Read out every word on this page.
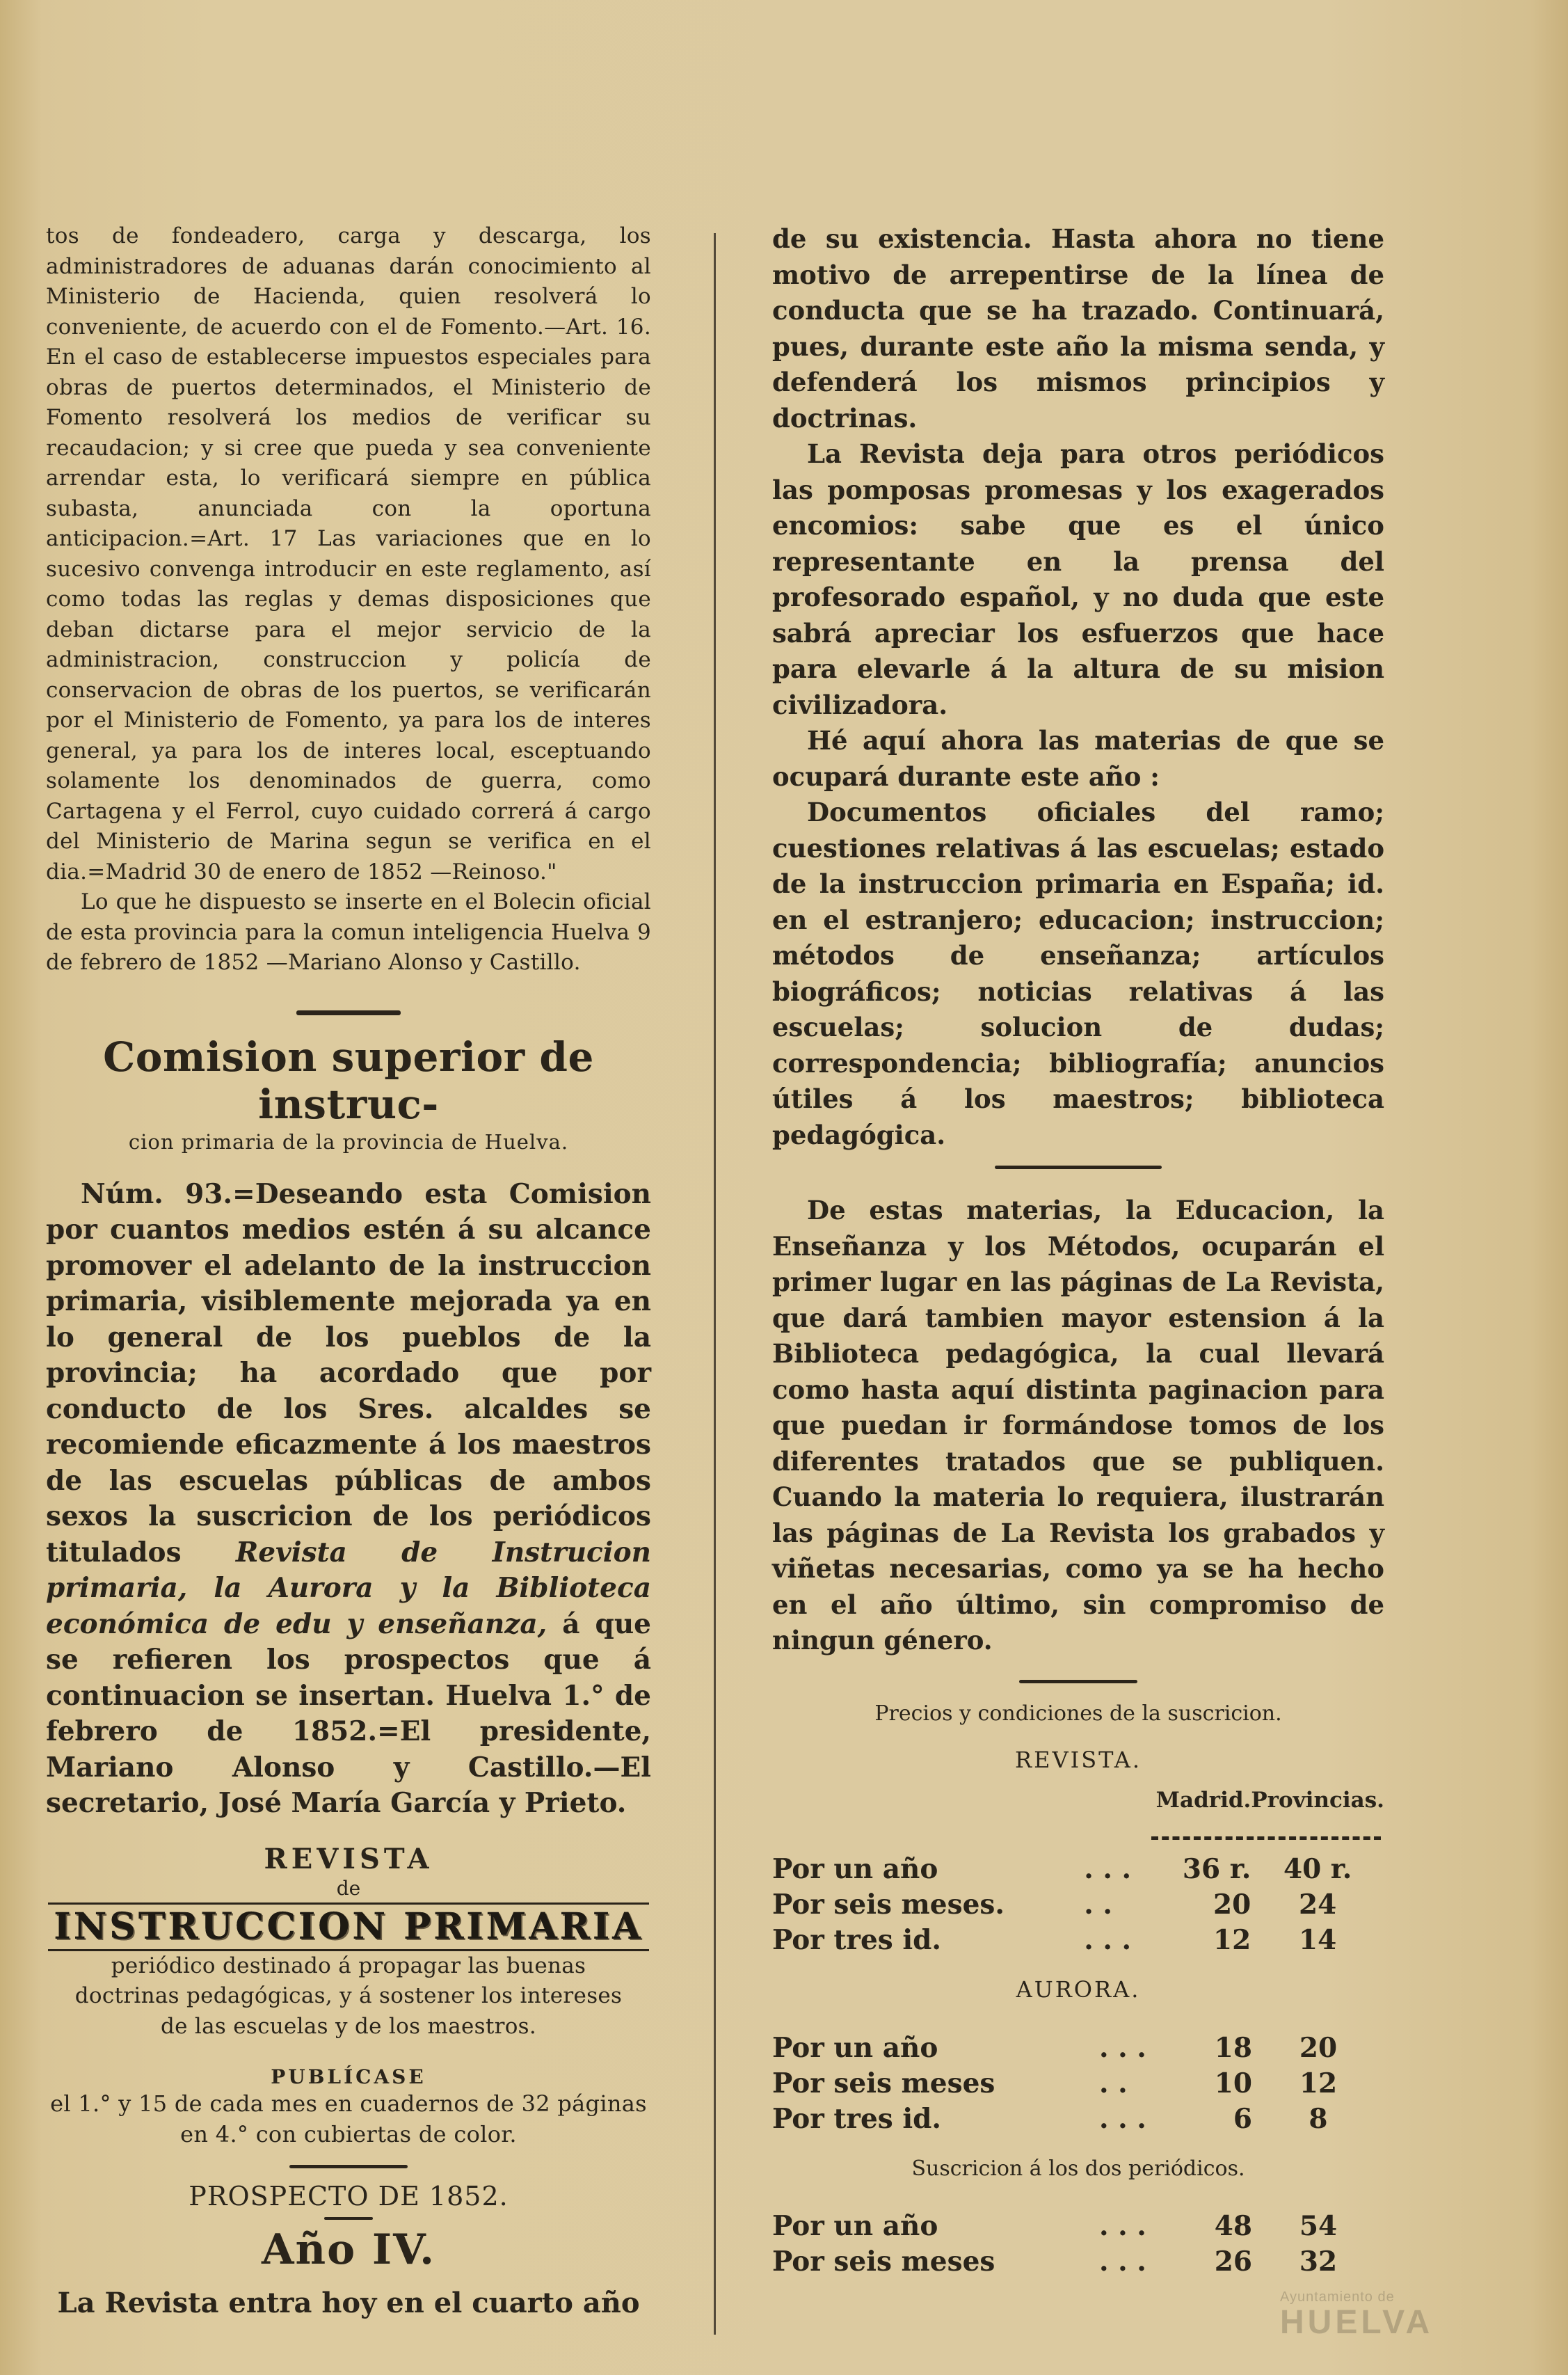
tos de fondeadero, carga y descarga, los administradores de aduanas darán conocimiento al Ministerio de Hacienda, quien resolverá lo conveniente, de acuerdo con el de Fomento.—Art. 16. En el caso de establecerse impuestos especiales para obras de puertos determinados, el Ministerio de Fomento resolverá los medios de verificar su recaudacion; y si cree que pueda y sea conveniente arrendar esta, lo verificará siempre en pública subasta, anunciada con la oportuna anticipacion.=Art. 17 Las variaciones que en lo sucesivo convenga introducir en este reglamento, así como todas las reglas y demas disposiciones que deban dictarse para el mejor servicio de la administracion, construccion y policía de conservacion de obras de los puertos, se verificarán por el Ministerio de Fomento, ya para los de interes general, ya para los de interes local, esceptuando solamente los denominados de guerra, como Cartagena y el Ferrol, cuyo cuidado correrá á cargo del Ministerio de Marina segun se verifica en el dia.=Madrid 30 de enero de 1852 —Reinoso."

Lo que he dispuesto se inserte en el Bolecin oficial de esta provincia para la comun inteligencia Huelva 9 de febrero de 1852 —Mariano Alonso y Castillo.

Comision superior de instruc-
cion primaria de la provincia de Huelva.

Núm. 93.=Deseando esta Comision por cuantos medios estén á su alcance promover el adelanto de la instruccion primaria, visiblemente mejorada ya en lo general de los pueblos de la provincia; ha acordado que por conducto de los Sres. alcaldes se recomiende eficazmente á los maestros de las escuelas públicas de ambos sexos la suscricion de los periódicos titulados Revista de Instrucion primaria, la Aurora y la Biblioteca económica de edu y enseñanza, á que se refieren los prospectos que á continuacion se insertan. Huelva 1.° de febrero de 1852.=El presidente, Mariano Alonso y Castillo.—El secretario, José María García y Prieto.

REVISTA
de
INSTRUCCION PRIMARIA

periódico destinado á propagar las buenas doctrinas pedagógicas, y á sostener los intereses de las escuelas y de los maestros.

PUBLÍCASE

el 1.° y 15 de cada mes en cuadernos de 32 páginas en 4.° con cubiertas de color.

PROSPECTO DE 1852.
Año IV.

La Revista entra hoy en el cuarto año

de su existencia. Hasta ahora no tiene motivo de arrepentirse de la línea de conducta que se ha trazado. Continuará, pues, durante este año la misma senda, y defenderá los mismos principios y doctrinas.

La Revista deja para otros periódicos las pomposas promesas y los exagerados encomios: sabe que es el único representante en la prensa del profesorado español, y no duda que este sabrá apreciar los esfuerzos que hace para elevarle á la altura de su mision civilizadora.

Hé aquí ahora las materias de que se ocupará durante este año :

Documentos oficiales del ramo; cuestiones relativas á las escuelas; estado de la instruccion primaria en España; id. en el estranjero; educacion; instruccion; métodos de enseñanza; artículos biográficos; noticias relativas á las escuelas; solucion de dudas; correspondencia; bibliografía; anuncios útiles á los maestros; biblioteca pedagógica.

De estas materias, la Educacion, la Enseñanza y los Métodos, ocuparán el primer lugar en las páginas de La Revista, que dará tambien mayor estension á la Biblioteca pedagógica, la cual llevará como hasta aquí distinta paginacion para que puedan ir formándose tomos de los diferentes tratados que se publiquen. Cuando la materia lo requiera, ilustrarán las páginas de La Revista los grabados y viñetas necesarias, como ya se ha hecho en el año último, sin compromiso de ningun género.

Precios y condiciones de la suscricion.
REVISTA.
		Madrid.	Provincias.

Por un año	. . .	36 r.	40 r.
Por seis meses.	. .	20	24
Por tres id.	. . .	12	14
AURORA.
Por un año	. . .	18	20
Por seis meses	. .	10	12
Por tres id.	. . .	6	8
Suscricion á los dos periódicos.
Por un año	. . .	48	54
Por seis meses	. . .	26	32
Ayuntamiento de
HUELVA
